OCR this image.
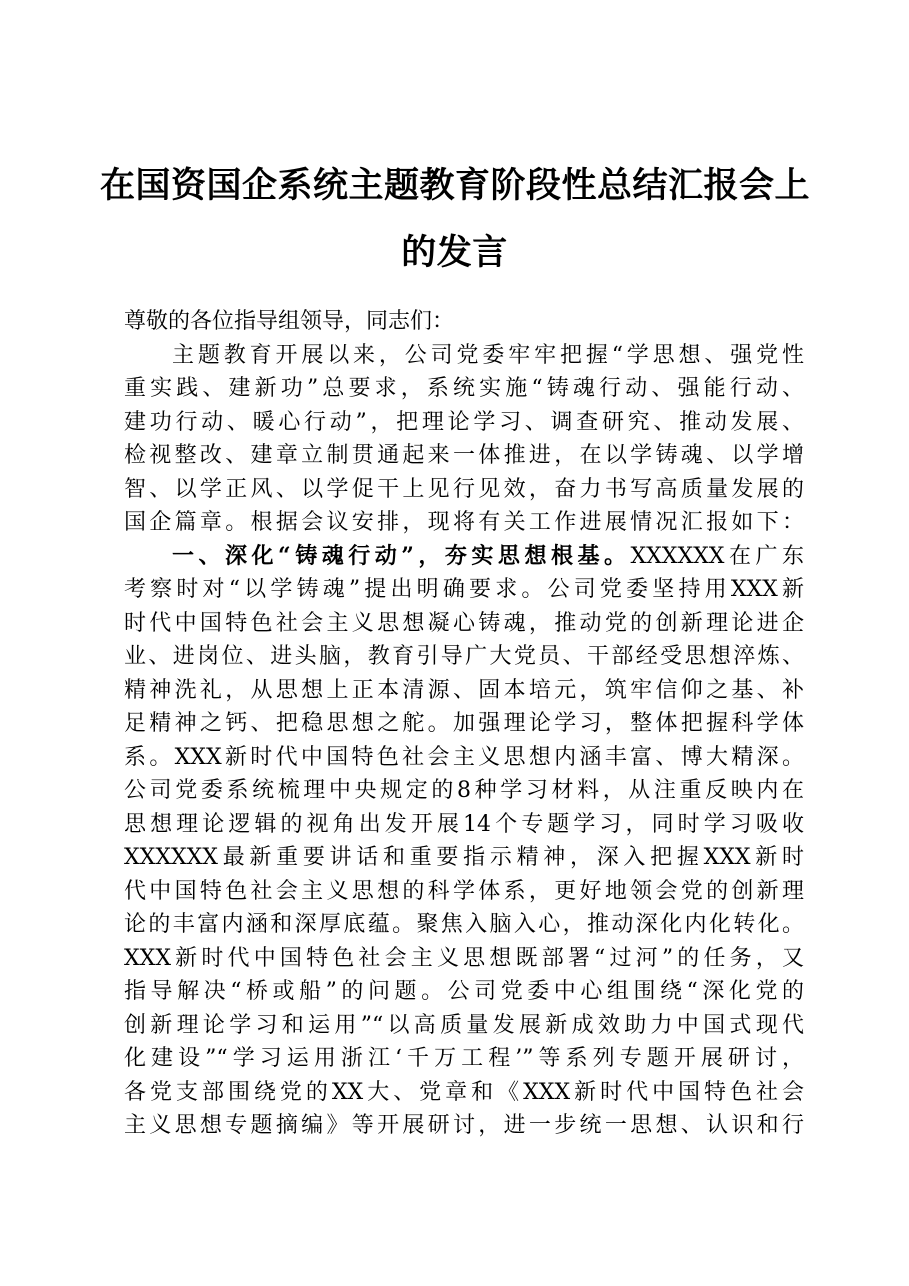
在国资国企系统主题教育阶段性总结汇报会上
的发言
尊敬的各位指导组领导，同志们：
主题教育开展以来，公司党委牢牢把握“学思想、强党性
重实践、建新功”总要求，系统实施“铸魂行动、强能行动、
建功行动、暖心行动”，把理论学习、调查研究、推动发展、
检视整改、建章立制贯通起来一体推进，在以学铸魂、以学增
智、以学正风、以学促干上见行见效，奋力书写高质量发展的
国企篇章。根据会议安排，现将有关工作进展情况汇报如下：
一、深化“铸魂行动”，夯实思想根基。XXXXXX在广东
考察时对“以学铸魂”提出明确要求。公司党委坚持用XXX新
时代中国特色社会主义思想凝心铸魂，推动党的创新理论进企
业、进岗位、进头脑，教育引导广大党员、干部经受思想淬炼、
精神洗礼，从思想上正本清源、固本培元，筑牢信仰之基、补
足精神之钙、把稳思想之舵。加强理论学习，整体把握科学体
系。XXX新时代中国特色社会主义思想内涵丰富、博大精深。
公司党委系统梳理中央规定的8种学习材料，从注重反映内在
思想理论逻辑的视角出发开展14个专题学习，同时学习吸收
XXXXXX最新重要讲话和重要指示精神，深入把握XXX新时
代中国特色社会主义思想的科学体系，更好地领会党的创新理
论的丰富内涵和深厚底蕴。聚焦入脑入心，推动深化内化转化。
XXX新时代中国特色社会主义思想既部署“过河”的任务，又
指导解决“桥或船”的问题。公司党委中心组围绕“深化党的
创新理论学习和运用”“以高质量发展新成效助力中国式现代
化建设”“学习运用浙江‘千万工程’”等系列专题开展研讨，
各党支部围绕党的XX大、党章和《XXX新时代中国特色社会
主义思想专题摘编》等开展研讨，进一步统一思想、认识和行
